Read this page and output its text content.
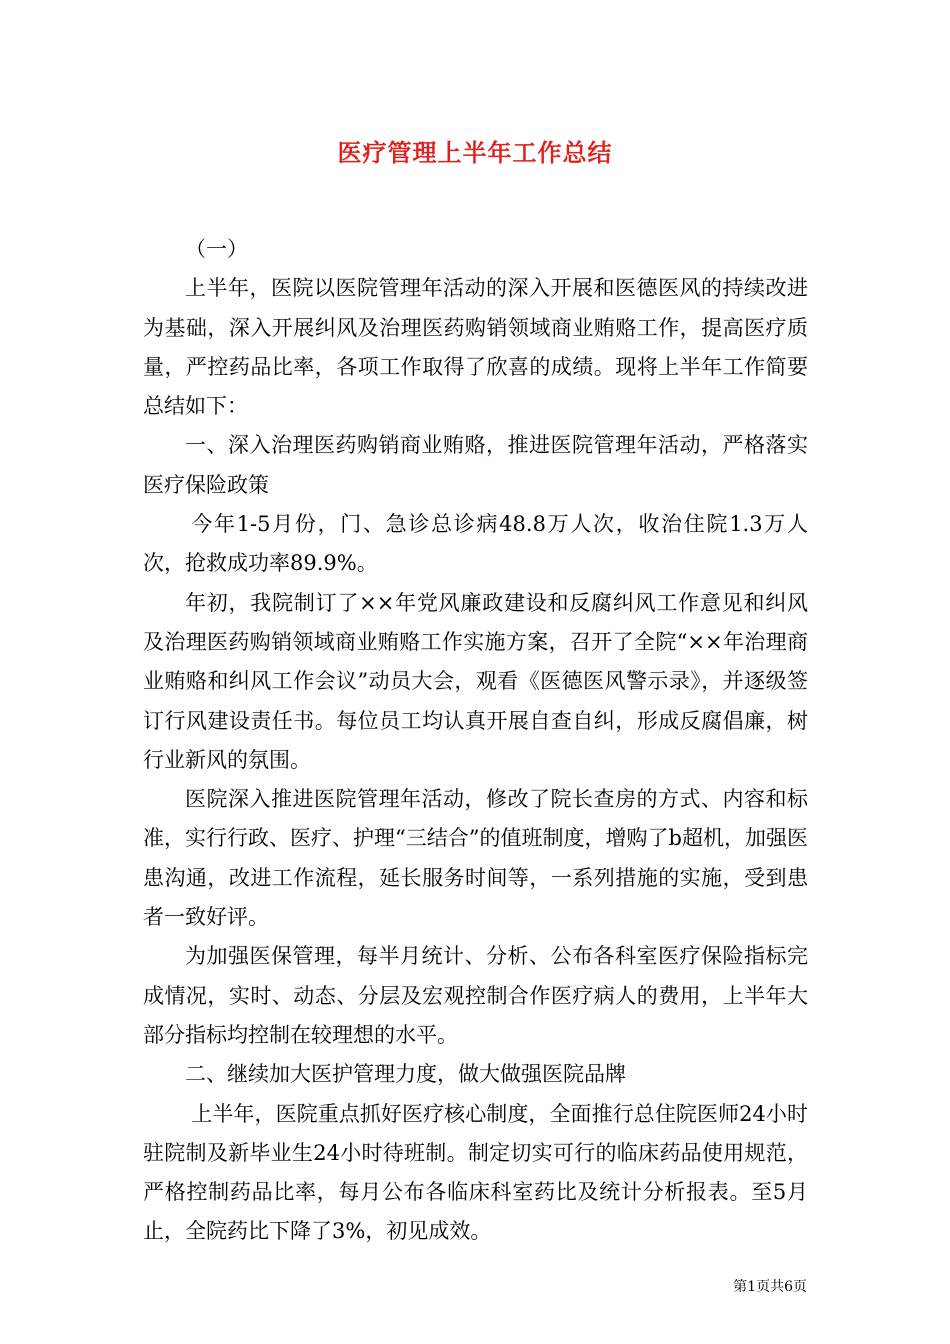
医疗管理上半年工作总结

（一）

上半年，医院以医院管理年活动的深入开展和医德医风的持续改进为基础，深入开展纠风及治理医药购销领域商业贿赂工作，提高医疗质量，严控药品比率，各项工作取得了欣喜的成绩。现将上半年工作简要总结如下：

一、深入治理医药购销商业贿赂，推进医院管理年活动，严格落实医疗保险政策

今年1-5月份，门、急诊总诊病48.8万人次，收治住院1.3万人次，抢救成功率89.9%。

年初，我院制订了××年党风廉政建设和反腐纠风工作意见和纠风及治理医药购销领域商业贿赂工作实施方案，召开了全院“××年治理商业贿赂和纠风工作会议”动员大会，观看《医德医风警示录》，并逐级签订行风建设责任书。每位员工均认真开展自查自纠，形成反腐倡廉，树行业新风的氛围。

医院深入推进医院管理年活动，修改了院长查房的方式、内容和标准，实行行政、医疗、护理“三结合”的值班制度，增购了b超机，加强医患沟通，改进工作流程，延长服务时间等，一系列措施的实施，受到患者一致好评。

为加强医保管理，每半月统计、分析、公布各科室医疗保险指标完成情况，实时、动态、分层及宏观控制合作医疗病人的费用，上半年大部分指标均控制在较理想的水平。

二、继续加大医护管理力度，做大做强医院品牌

上半年，医院重点抓好医疗核心制度，全面推行总住院医师24小时驻院制及新毕业生24小时待班制。制定切实可行的临床药品使用规范，严格控制药品比率，每月公布各临床科室药比及统计分析报表。至5月止，全院药比下降了3%，初见成效。

第1页共6页
